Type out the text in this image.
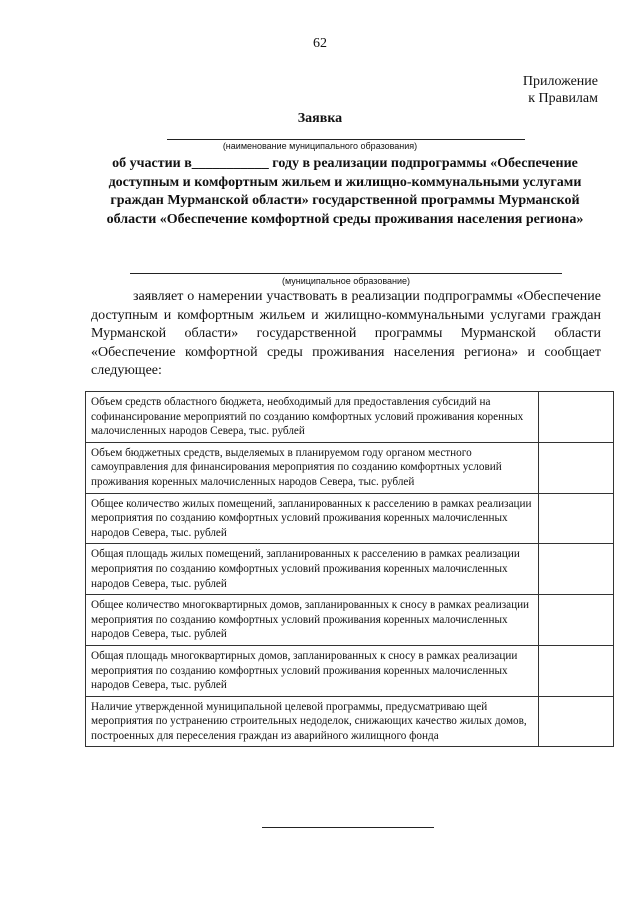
62
Приложение
к Правилам
Заявка
(наименование муниципального образования)
об участии в___________ году в реализации подпрограммы «Обеспечение доступным и комфортным жильем и жилищно-коммунальными услугами граждан Мурманской области» государственной программы Мурманской области «Обеспечение комфортной среды проживания населения региона»
(муниципальное образование)
заявляет о намерении участвовать в реализации подпрограммы «Обеспечение доступным и комфортным жильем и жилищно-коммунальными услугами граждан Мурманской области» государственной программы Мурманской области «Обеспечение комфортной среды проживания населения региона» и сообщает следующее:
Объем средств областного бюджета, необходимый для предоставления субсидий на софинансирование мероприятий по созданию комфортных условий проживания коренных малочисленных народов Севера, тыс. рублей	
Объем бюджетных средств, выделяемых в планируемом году органом местного самоуправления для финансирования мероприятия по созданию комфортных условий проживания коренных малочисленных народов Севера, тыс. рублей	
Общее количество жилых помещений, запланированных к расселению в рамках реализации мероприятия по созданию комфортных условий проживания коренных малочисленных народов Севера, тыс. рублей	
Общая площадь жилых помещений, запланированных к расселению в рамках реализации мероприятия по созданию комфортных условий проживания коренных малочисленных народов Севера, тыс. рублей	
Общее количество многоквартирных домов, запланированных к сносу в рамках реализации мероприятия по созданию комфортных условий проживания коренных малочисленных народов Севера, тыс. рублей	
Общая площадь многоквартирных домов, запланированных к сносу в рамках реализации мероприятия по созданию комфортных условий проживания коренных малочисленных народов Севера, тыс. рублей	
Наличие утвержденной муниципальной целевой программы, предусматриваю щей мероприятия по устранению строительных недоделок, снижающих качество жилых домов, построенных для переселения граждан из аварийного жилищного фонда	
